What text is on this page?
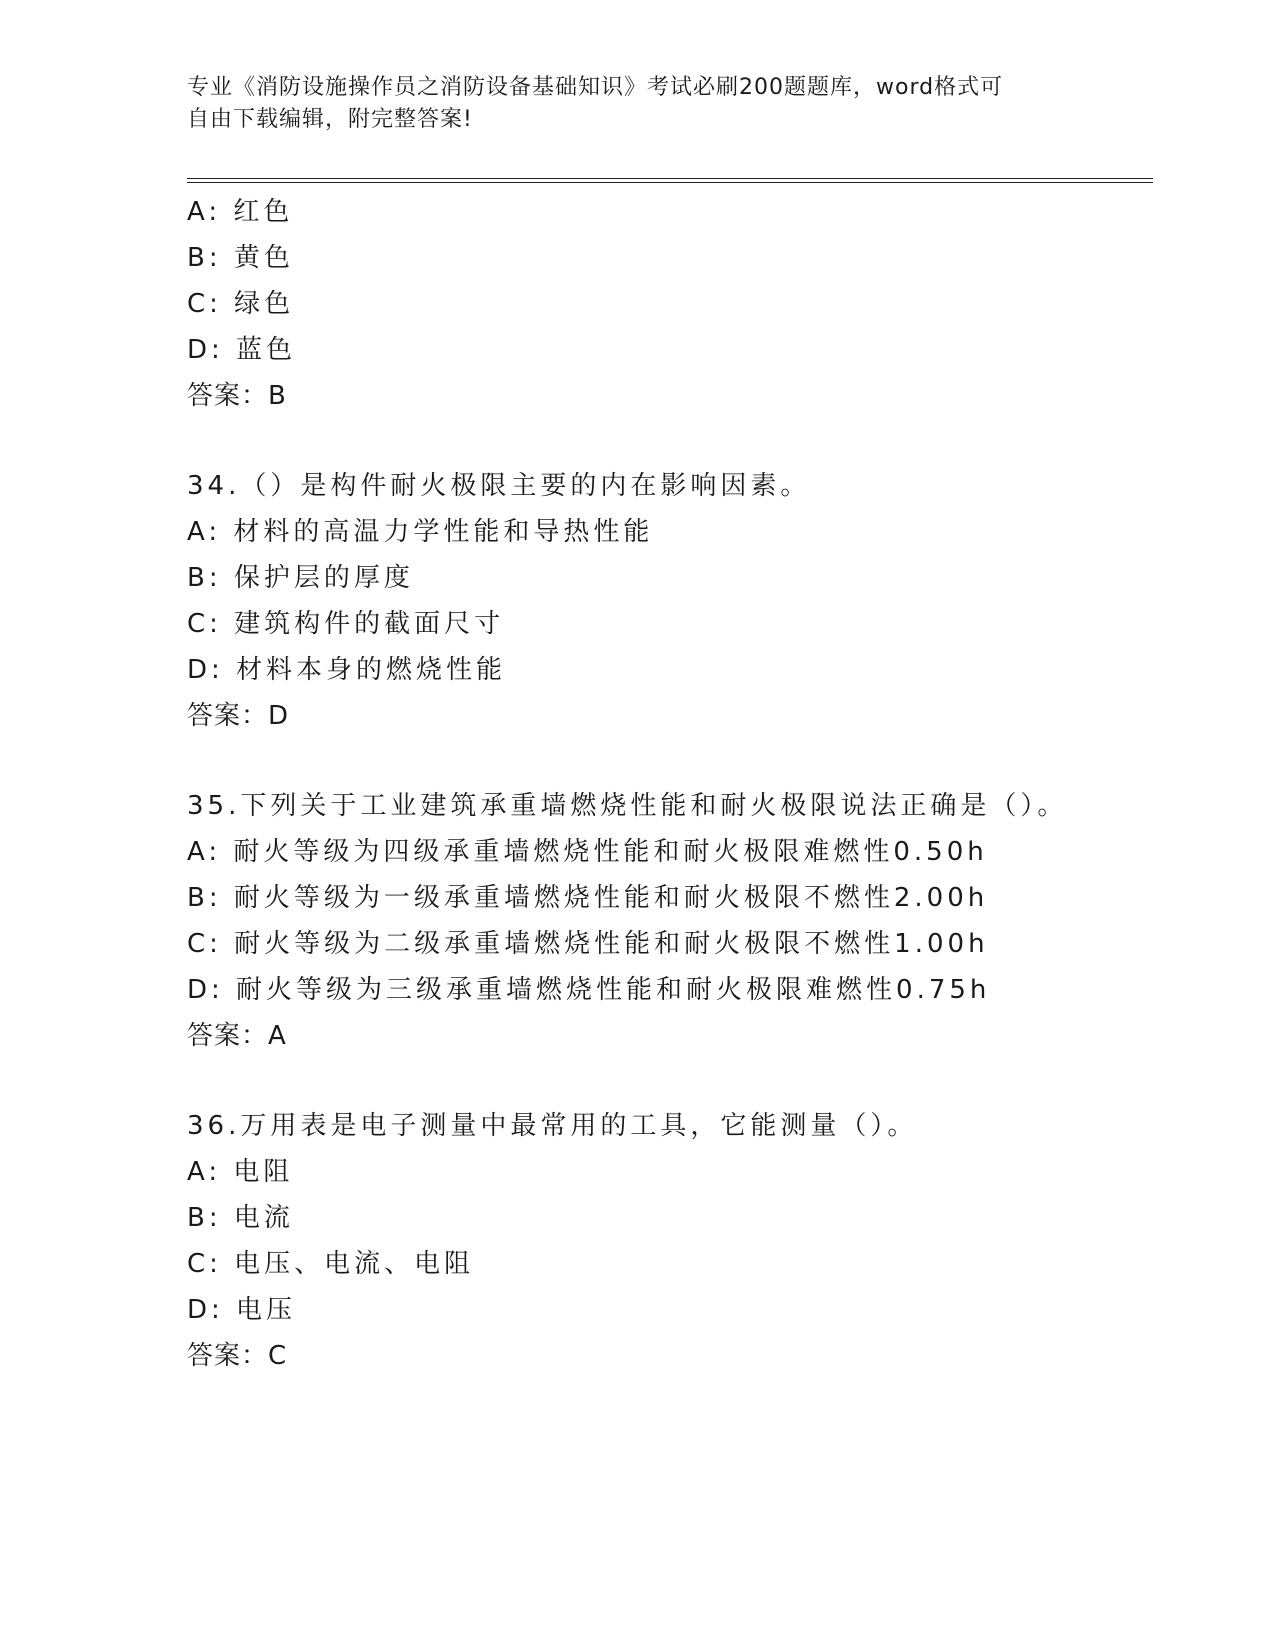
专业《消防设施操作员之消防设备基础知识》考试必刷200题题库，word格式可
自由下载编辑，附完整答案!
A: 红色
B: 黄色
C: 绿色
D: 蓝色
答案：B
34.（）是构件耐火极限主要的内在影响因素。
A: 材料的高温力学性能和导热性能
B: 保护层的厚度
C: 建筑构件的截面尺寸
D: 材料本身的燃烧性能
答案：D
35.下列关于工业建筑承重墙燃烧性能和耐火极限说法正确是（）。
A: 耐火等级为四级承重墙燃烧性能和耐火极限难燃性0.50h
B: 耐火等级为一级承重墙燃烧性能和耐火极限不燃性2.00h
C: 耐火等级为二级承重墙燃烧性能和耐火极限不燃性1.00h
D: 耐火等级为三级承重墙燃烧性能和耐火极限难燃性0.75h
答案：A
36.万用表是电子测量中最常用的工具，它能测量（）。
A: 电阻
B: 电流
C: 电压、电流、电阻
D: 电压
答案：C
